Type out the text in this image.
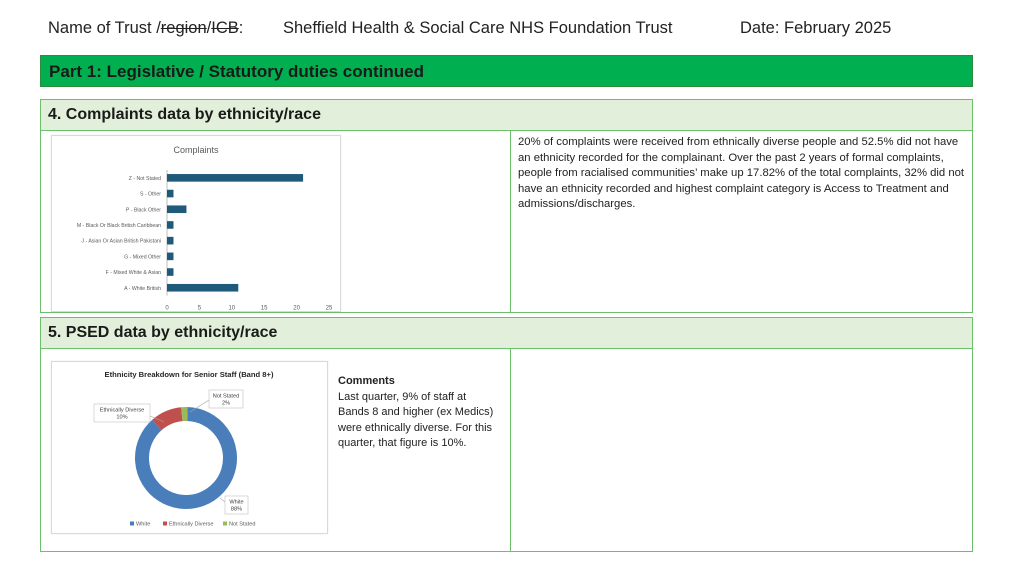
Name of Trust /region/ICB: Sheffield Health & Social Care NHS Foundation Trust	Date: February 2025
Part 1: Legislative / Statutory duties continued
4. Complaints data by ethnicity/race
Complaints
Z - Not Stated
S - Other
P - Black Other
M - Black Or Black British Caribbean
J - Asian Or Asian British Pakistani
G - Mixed Other
F - Mixed White & Asian
A - White British
0	5	10	15	20	25
20% of complaints were received from ethnically diverse people and 52.5% did not have an ethnicity recorded for the complainant. Over the past 2 years of formal complaints, people from racialised communities’ make up 17.82% of the total complaints, 32% did not have an ethnicity recorded and highest complaint category is Access to Treatment and admissions/discharges.
5. PSED data by ethnicity/race
Ethnicity Breakdown for Senior Staff (Band 8+)
White
88%
Ethnically Diverse
10%
Not Stated
2%
White	Ethnically Diverse	Not Stated
Comments
Last quarter, 9% of staff at Bands 8 and higher (ex Medics) were ethnically diverse. For this quarter, that figure is 10%.
